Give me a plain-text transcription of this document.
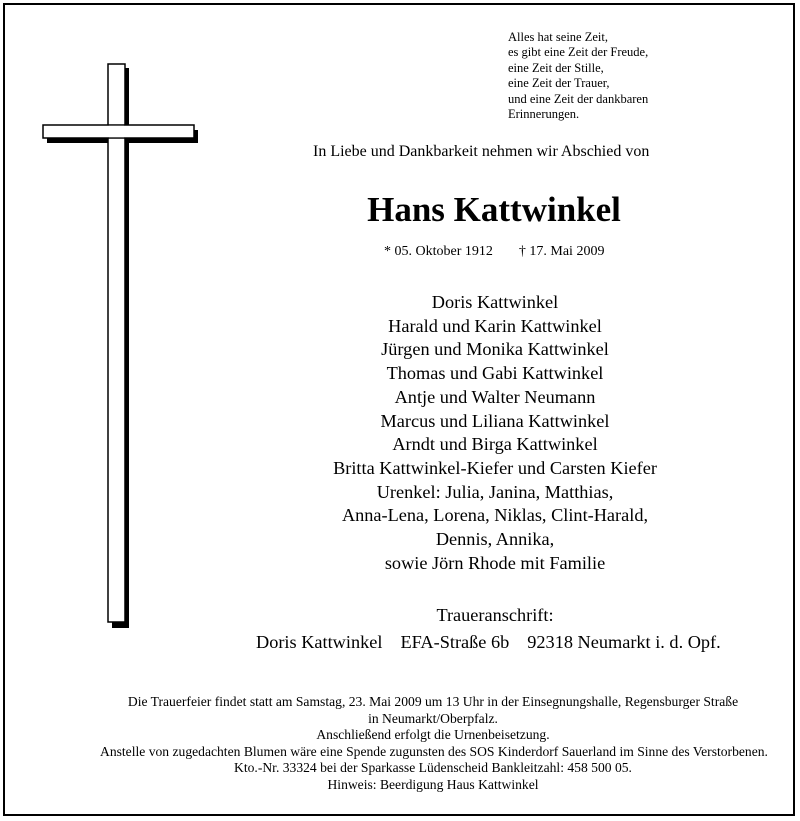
Alles hat seine Zeit,
es gibt eine Zeit der Freude,
eine Zeit der Stille,
eine Zeit der Trauer,
und eine Zeit der dankbaren
Erinnerungen.
In Liebe und Dankbarkeit nehmen wir Abschied von
Hans Kattwinkel
* 05. Oktober 1912 † 17. Mai 2009
Doris Kattwinkel
Harald und Karin Kattwinkel
Jürgen und Monika Kattwinkel
Thomas und Gabi Kattwinkel
Antje und Walter Neumann
Marcus und Liliana Kattwinkel
Arndt und Birga Kattwinkel
Britta Kattwinkel-Kiefer und Carsten Kiefer
Urenkel: Julia, Janina, Matthias,
Anna-Lena, Lorena, Niklas, Clint-Harald,
Dennis, Annika,
sowie Jörn Rhode mit Familie
Traueranschrift:
Doris Kattwinkel EFA-Straße 6b 92318 Neumarkt i. d. Opf.
Die Trauerfeier findet statt am Samstag, 23. Mai 2009 um 13 Uhr in der Einsegnungshalle, Regensburger Straße
in Neumarkt/Oberpfalz.
Anschließend erfolgt die Urnenbeisetzung.
Anstelle von zugedachten Blumen wäre eine Spende zugunsten des SOS Kinderdorf Sauerland im Sinne des Verstorbenen.
Kto.-Nr. 33324 bei der Sparkasse Lüdenscheid Bankleitzahl: 458 500 05.
Hinweis: Beerdigung Haus Kattwinkel
